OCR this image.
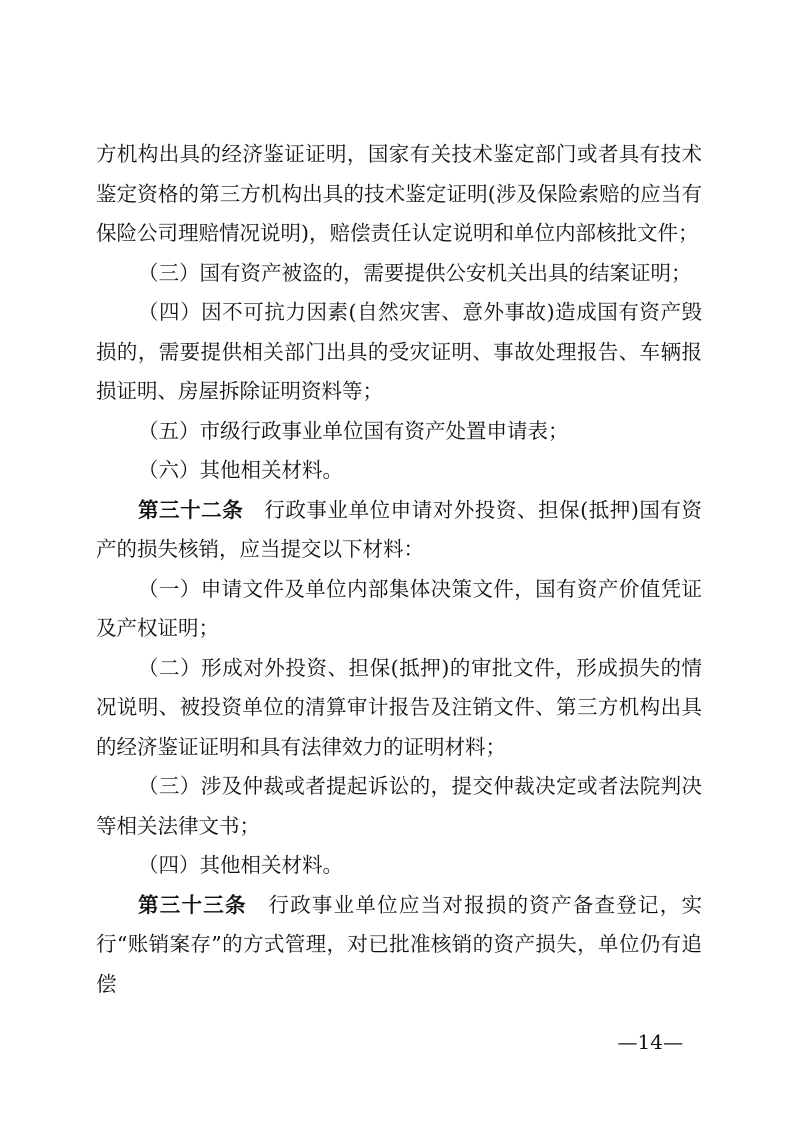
方机构出具的经济鉴证证明，国家有关技术鉴定部门或者具有技术鉴定资格的第三方机构出具的技术鉴定证明(涉及保险索赔的应当有保险公司理赔情况说明)，赔偿责任认定说明和单位内部核批文件；

（三）国有资产被盗的，需要提供公安机关出具的结案证明；

（四）因不可抗力因素(自然灾害、意外事故)造成国有资产毁损的，需要提供相关部门出具的受灾证明、事故处理报告、车辆报损证明、房屋拆除证明资料等；

（五）市级行政事业单位国有资产处置申请表；

（六）其他相关材料。

第三十二条　 行政事业单位申请对外投资、担保(抵押)国有资产的损失核销，应当提交以下材料：

（一）申请文件及单位内部集体决策文件，国有资产价值凭证及产权证明；

（二）形成对外投资、担保(抵押)的审批文件，形成损失的情况说明、被投资单位的清算审计报告及注销文件、第三方机构出具的经济鉴证证明和具有法律效力的证明材料；

（三）涉及仲裁或者提起诉讼的，提交仲裁决定或者法院判决等相关法律文书；

（四）其他相关材料。

第三十三条　 行政事业单位应当对报损的资产备查登记，实行“账销案存”的方式管理，对已批准核销的资产损失，单位仍有追偿

—14—
